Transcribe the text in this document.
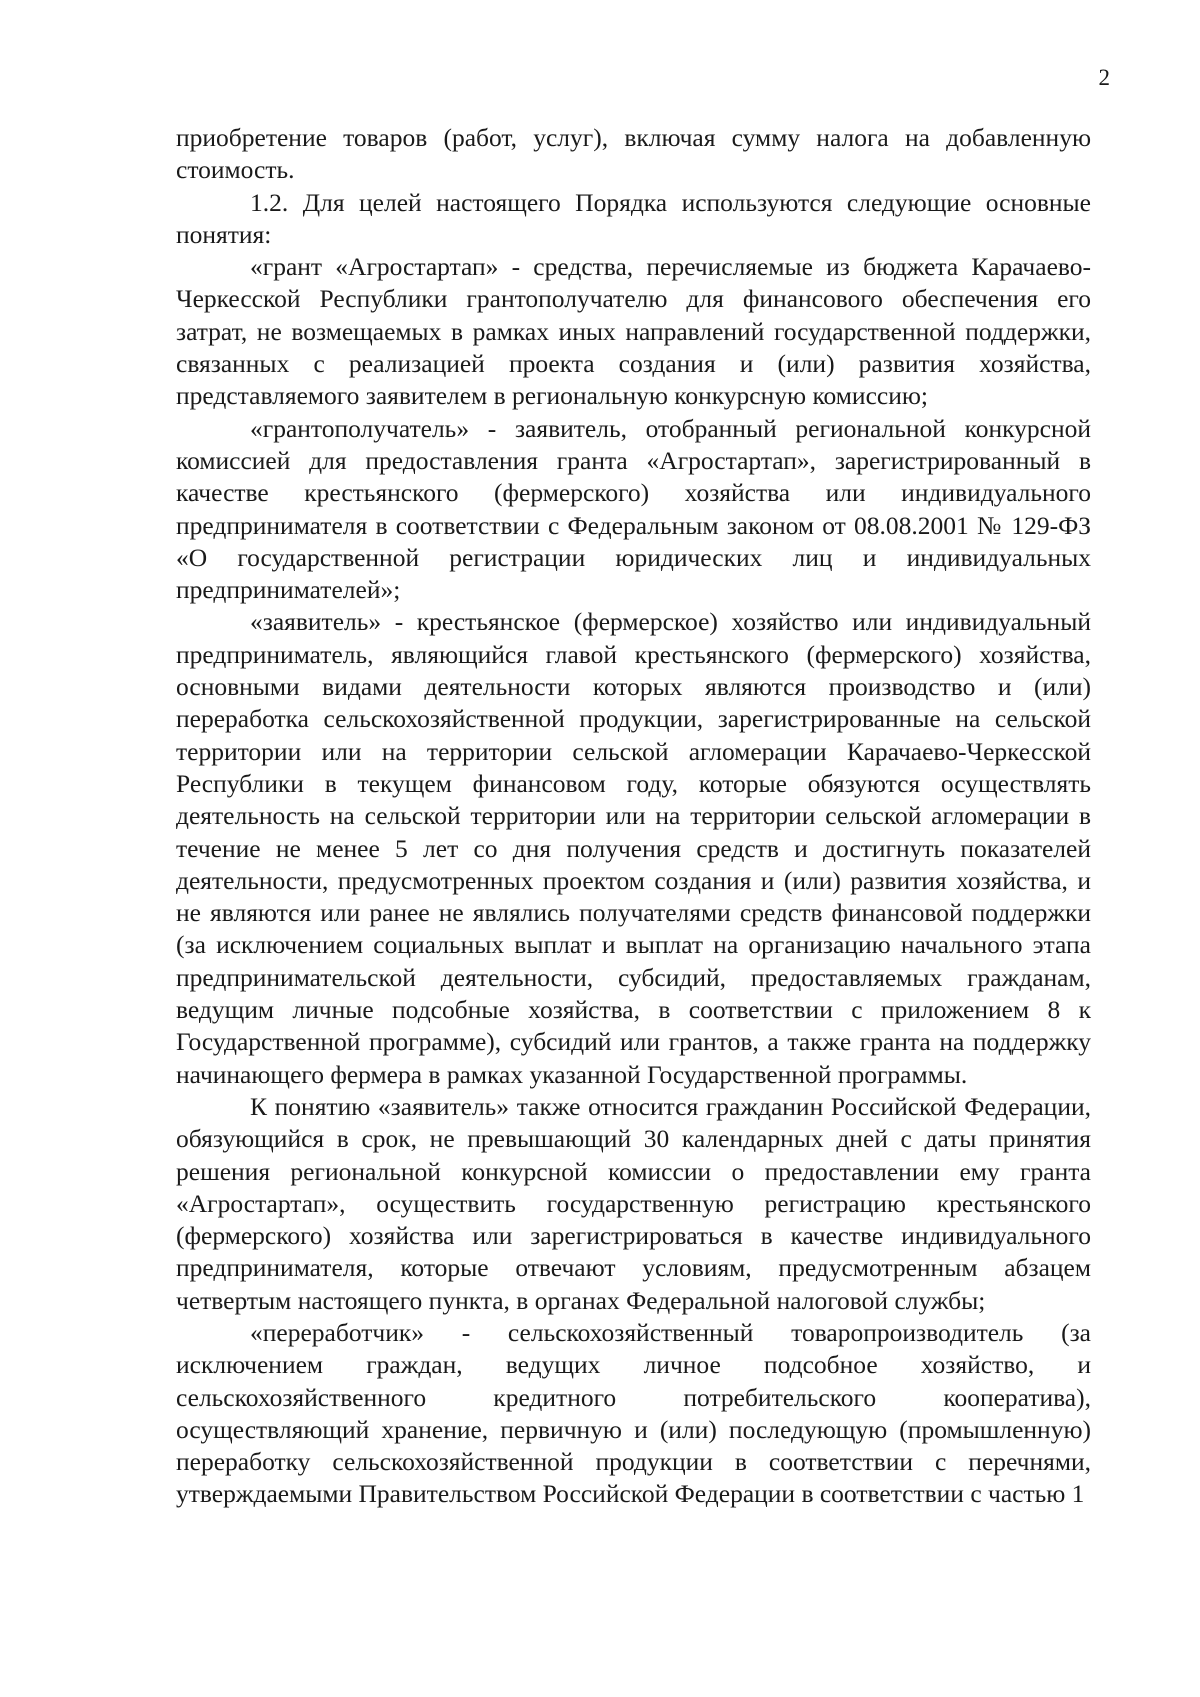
2

приобретение товаров (работ, услуг), включая сумму налога на добавленную стоимость.

1.2. Для целей настоящего Порядка используются следующие основные понятия:

«грант «Агростартап» - средства, перечисляемые из бюджета Карачаево-Черкесской Республики грантополучателю для финансового обеспечения его затрат, не возмещаемых в рамках иных направлений государственной поддержки, связанных с реализацией проекта создания и (или) развития хозяйства, представляемого заявителем в региональную конкурсную комиссию;

«грантополучатель» - заявитель, отобранный региональной конкурсной комиссией для предоставления гранта «Агростартап», зарегистрированный в качестве крестьянского (фермерского) хозяйства или индивидуального предпринимателя в соответствии с Федеральным законом от 08.08.2001 № 129-ФЗ «О государственной регистрации юридических лиц и индивидуальных предпринимателей»;

«заявитель» - крестьянское (фермерское) хозяйство или индивидуальный предприниматель, являющийся главой крестьянского (фермерского) хозяйства, основными видами деятельности которых являются производство и (или) переработка сельскохозяйственной продукции, зарегистрированные на сельской территории или на территории сельской агломерации Карачаево-Черкесской Республики в текущем финансовом году, которые обязуются осуществлять деятельность на сельской территории или на территории сельской агломерации в течение не менее 5 лет со дня получения средств и достигнуть показателей деятельности, предусмотренных проектом создания и (или) развития хозяйства, и не являются или ранее не являлись получателями средств финансовой поддержки (за исключением социальных выплат и выплат на организацию начального этапа предпринимательской деятельности, субсидий, предоставляемых гражданам, ведущим личные подсобные хозяйства, в соответствии с приложением 8 к Государственной программе), субсидий или грантов, а также гранта на поддержку начинающего фермера в рамках указанной Государственной программы.

К понятию «заявитель» также относится гражданин Российской Федерации, обязующийся в срок, не превышающий 30 календарных дней с даты принятия решения региональной конкурсной комиссии о предоставлении ему гранта «Агростартап», осуществить государственную регистрацию крестьянского (фермерского) хозяйства или зарегистрироваться в качестве индивидуального предпринимателя, которые отвечают условиям, предусмотренным абзацем четвертым настоящего пункта, в органах Федеральной налоговой службы;

«переработчик» - сельскохозяйственный товаропроизводитель (за исключением граждан, ведущих личное подсобное хозяйство, и сельскохозяйственного кредитного потребительского кооператива), осуществляющий хранение, первичную и (или) последующую (промышленную) переработку сельскохозяйственной продукции в соответствии с перечнями, утверждаемыми Правительством Российской Федерации в соответствии с частью 1
